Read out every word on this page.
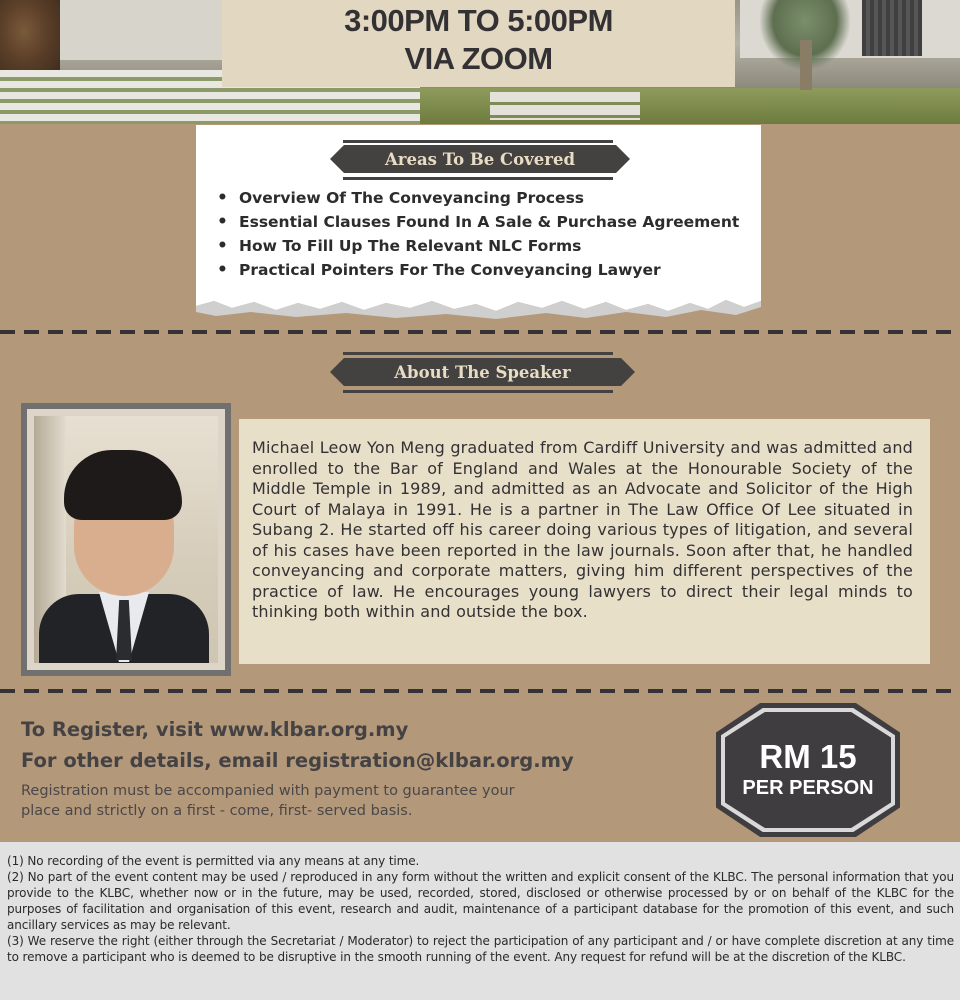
3:00PM TO 5:00PM
VIA ZOOM
Areas To Be Covered
• Overview Of The Conveyancing Process
• Essential Clauses Found In A Sale & Purchase Agreement
• How To Fill Up The Relevant NLC Forms
• Practical Pointers For The Conveyancing Lawyer
About The Speaker

Michael Leow Yon Meng graduated from Cardiff University and was admitted and enrolled to the Bar of England and Wales at the Honourable Society of the Middle Temple in 1989, and admitted as an Advocate and Solicitor of the High Court of Malaya in 1991. He is a partner in The Law Office Of Lee situated in Subang 2. He started off his career doing various types of litigation, and several of his cases have been reported in the law journals. Soon after that, he handled conveyancing and corporate matters, giving him different perspectives of the practice of law. He encourages young lawyers to direct their legal minds to thinking both within and outside the box.

To Register, visit www.klbar.org.my
For other details, email registration@klbar.org.my

Registration must be accompanied with payment to guarantee your place and strictly on a first - come, first- served basis.

RM 15
PER PERSON

(1) No recording of the event is permitted via any means at any time.

(2) No part of the event content may be used / reproduced in any form without the written and explicit consent of the KLBC. The personal information that you provide to the KLBC, whether now or in the future, may be used, recorded, stored, disclosed or otherwise processed by or on behalf of the KLBC for the purposes of facilitation and organisation of this event, research and audit, maintenance of a participant database for the promotion of this event, and such ancillary services as may be relevant.

(3) We reserve the right (either through the Secretariat / Moderator) to reject the participation of any participant and / or have complete discretion at any time to remove a participant who is deemed to be disruptive in the smooth running of the event. Any request for refund will be at the discretion of the KLBC.
